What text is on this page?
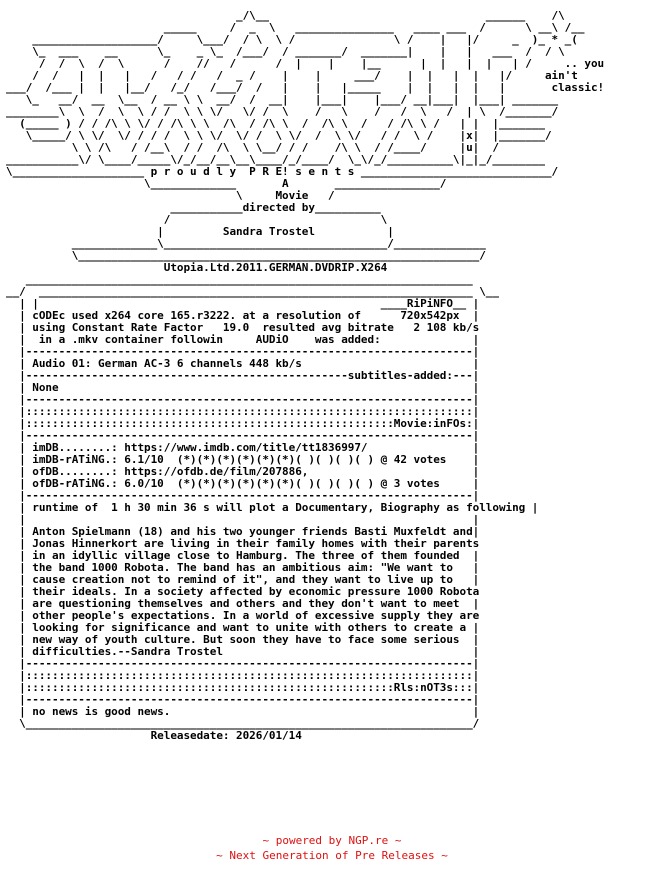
_/\__                                 ______    /\
_____     /  _  \   _______________   ____ ___  /      \ __\ /__
___________________/     \___/  / \  \ /               \ /    |   |/     _  )_ * _(
\_  ___    __      \_    _ \_  /___/  / _______/  _______|    |   |   ___  /  / \
/  /  \  /  \      /    //   /      /  |    |    |__      |  |   |  |   | /     .. you
/  /   |  |   |   /   / /   /  _ /    |    |     ___/    |  |   |  |   |/     ain't
___/  /___ |  |   |__/   /_/   /___/  /   |    |   |_____    |  |   |  |   |       classic!
\_   __/  __  \__  / __ \ \  __/  /  __|    |___|    |___/ __|___|  |___| _______
________\  \  /  \  \ / /  \ \ \/   \/ /  \    /   \    /   /  \   /  | \  /_______/
(_____ ) / / /\ \ \/ / /\ \ \  /\  / /\ \  /  /\ \  /   / /\ \ /   | |  |_______
\_____/ \ \/  \/ / / /  \ \ \/  \/ /  \ \/  /  \ \/   / /  \ /    |x|  |_______/
\ \ /\   / /__\  / /  /\  \ \__/ / /    /\ \  / /____/     |u|  /
___________\/ \____/_____\/_/__/__\__\____/_/____/  \_\/_/__________\|_|_/________
\____________________ p r o u d l y  P R E! s e n t s _____________________________/
\_____________       A       ________________/
\     Movie   /
___________directed by__________
/                                \
|         Sandra Trostel           |
_____________\__________________________________/______________
\_____________________________________________________________/
Utopia.Ltd.2011.GERMAN.DVDRIP.X264
____________________________________________________________________
__/  __________________________________________________________________ \__
| |                                                    ____RiPiNFO__ |
| cODEc used x264 core 165.r3222. at a resolution of      720x542px  |
| using Constant Rate Factor   19.0  resulted avg bitrate   2 108 kb/s
|  in a .mkv container followin     AUDiO    was added:              |
|--------------------------------------------------------------------|
| Audio 01: German AC-3 6 channels 448 kb/s                          |
|-------------------------------------------------subtitles-added:---|
| None                                                               |
|--------------------------------------------------------------------|
|::::::::::::::::::::::::::::::::::::::::::::::::::::::::::::::::::::|
|::::::::::::::::::::::::::::::::::::::::::::::::::::::::Movie:inFOs:|
|--------------------------------------------------------------------|
| imDB........: https://www.imdb.com/title/tt1836997/                |
| imDB-rATiNG.: 6.1/10  (*)(*)(*)(*)(*)(*)( )( )( )( ) @ 42 votes    |
| ofDB........: https://ofdb.de/film/207886,                         |
| ofDB-rATiNG.: 6.0/10  (*)(*)(*)(*)(*)(*)( )( )( )( ) @ 3 votes     |
|--------------------------------------------------------------------|
| runtime of  1 h 30 min 36 s will plot a Documentary, Biography as following |
|                                                                    |
| Anton Spielmann (18) and his two younger friends Basti Muxfeldt and|
| Jonas Hinnerkort are living in their family homes with their parents
| in an idyllic village close to Hamburg. The three of them founded  |
| the band 1000 Robota. The band has an ambitious aim: "We want to   |
| cause creation not to remind of it", and they want to live up to   |
| their ideals. In a society affected by economic pressure 1000 Robota
| are questioning themselves and others and they don't want to meet  |
| other people's expectations. In a world of excessive supply they are
| looking for significance and want to unite with others to create a |
| new way of youth culture. But soon they have to face some serious  |
| difficulties.--Sandra Trostel                                      |
|--------------------------------------------------------------------|
|::::::::::::::::::::::::::::::::::::::::::::::::::::::::::::::::::::|
|::::::::::::::::::::::::::::::::::::::::::::::::::::::::Rls:nOT3s:::|
|--------------------------------------------------------------------|
| no news is good news.                                              |
\____________________________________________________________________/
Releasedate: 2026/01/14
~ powered by NGP.re ~
~ Next Generation of Pre Releases ~
